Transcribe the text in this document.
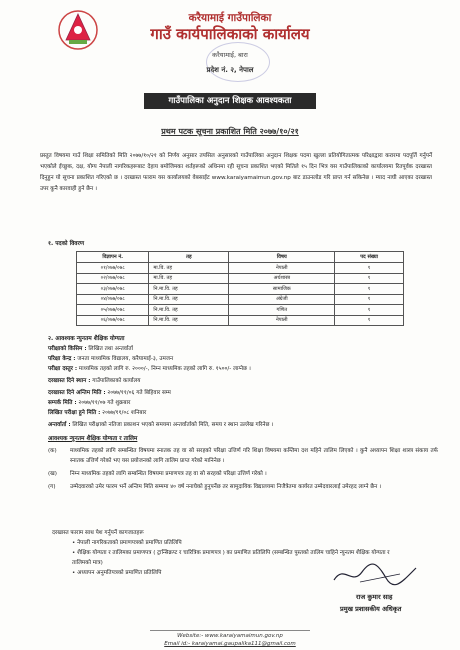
करैयामाई गाउँपालिका
गाउँ कार्यपालिकाको कार्यालय
करैयामाई, बारा
प्रदेश नं. २, नेपाल
गाउँपालिका अनुदान शिक्षक आवश्यकता
प्रथम पटक सूचना प्रकाशित मिति २०७७/१०/२१
प्रस्तुत विषयमा गाउँ शिक्षा समितिको मिति २०७७/१०/२१ को निर्णय अनुसार तपसिल अनुसारको गाउँपालिका अनुदान शिक्षक पदमा खुल्ला प्रतियोगितात्मक परिक्षाद्वारा करारमा पदपूर्ति गर्नुपर्ने भएकोले ईच्छुक, दक्ष, योग्य नेपाली नागरिकहरूबाट देहाय बमोजिमका शर्तहरूको अधिनमा रही सूचना प्रकाशित भएको मितिले १५ दिन भित्र यस गाउँपालिकाको कार्यालयमा रितपूर्वक दरखास्त दिनुहुन यो सूचना प्रकाशित गरिएको छ । दरखास्त फाराम यस कार्यालयको वेबसाईट www.karaiyamaimun.gov.np बाट डाउनलोड गरि प्राप्त गर्न सकिनेछ । म्याद नाघी आएका दरखास्त उपर कुनै कारवाही हुने छैन ।
१. पदको विवरण
विज्ञापन नं.	तह	विषय	पद संख्या
०१/०७७/०७८	मा.वि. तह	नेपाली	१
०२/०७७/०७८	मा.वि. तह	अर्थशास्त्र	१
०३/०७७/०७८	नि.मा.वि. तह	सामाजिक	१
०४/०७७/०७८	नि.मा.वि. तह	अंग्रेजी	१
०५/०७७/०७८	नि.मा.वि. तह	गणित	१
०६/०७७/०७८	नि.मा.वि. तह	नेपाली	१
२. आवश्यक न्युनतम शैक्षिक योग्यता
परीक्षाको किसिम : लिखित तथा अन्तर्वार्ता
परिक्षा केन्द्र : जनता माध्यमिक विद्यालय, करैयामाई-३, उमजन
परीक्षा दस्तुर : माध्यमिक तहको लागि रु. २०००/-, निम्न माध्यमिक तहको लागि रु. १५००/- लाग्नेछ ।
दरखास्त दिने स्थान : गाउँपालिकाको कार्यालय
दरखास्त दिने अन्तिम मिति : २०७७/११/०६ गते बिहिवार सम्म
सम्पर्क मिति : २०७७/११/०७ गते शुक्रबार
लिखित परीक्षा हुने मिति : २०७७/११/०८ शनिबार
अन्तर्वार्ता : लिखित परीक्षाको नतिजा प्रकाशन भएको समयमा अन्तर्वार्ताको मिति, समय र स्थान उल्लेख गरिनेछ ।
आवश्यक न्युनतम शैक्षिक योग्यता र तालिम
(क)	माध्यमिक तहको लागि सम्बन्धित विषयमा स्नातक तह वा सो सरहको परिक्षा उत्तिर्ण गरि शिक्षा विषयमा कम्तिमा दश महिने तालिम लिएको । कुनै अध्यापन शिक्षा शास्त्र संकाय तर्फ स्नातक उत्तिर्ण गरेको भए यस प्रयोजनको लागि तालिम प्राप्त गरेको मानिनेछ ।
(ख)	निम्न माध्यमिक तहको लागि सम्बन्धित विषयमा प्रमाणपत्र तह वा सो सरहको परिक्षा उत्तिर्ण गरेको ।
(ग)	उम्मेदवारको उमेर फारम भर्ने अन्तिम मिति सम्ममा ४० वर्ष ननाघेको हुनुपर्नेछ तर सामुदायिक विद्यालयमा निजैत्रेतमा कार्यरत उम्मेदवारलाई उमेरहद लाग्ने छैन ।
दरखास्त फाराम साथ पेश गर्नुपर्ने कागजातहरू
• नेपाली नागरिकताको प्रमाणपत्रको प्रमाणित प्रतिलिपि
• शैक्षिक योग्यता र तालिमका प्रमाणपत्र ( ट्रान्सिक्रप्ट र चारित्रिक प्रमाणपत्र ) का प्रमाणित प्रतिलिपि (सम्बन्धित पुस्तको तालिम चाहिने न्युनतम शैक्षिक योग्यता र तालिमको मात्र)
• अध्यापन अनुमतिपत्रको प्रमाणित प्रतिलिपि
राज कुमार साह
प्रमुख प्रशासकीय अधिकृत
Website:- www.karaiyamaimun.gov.np
Email id:- karaiyamai.gaupalika111@gmail.com
